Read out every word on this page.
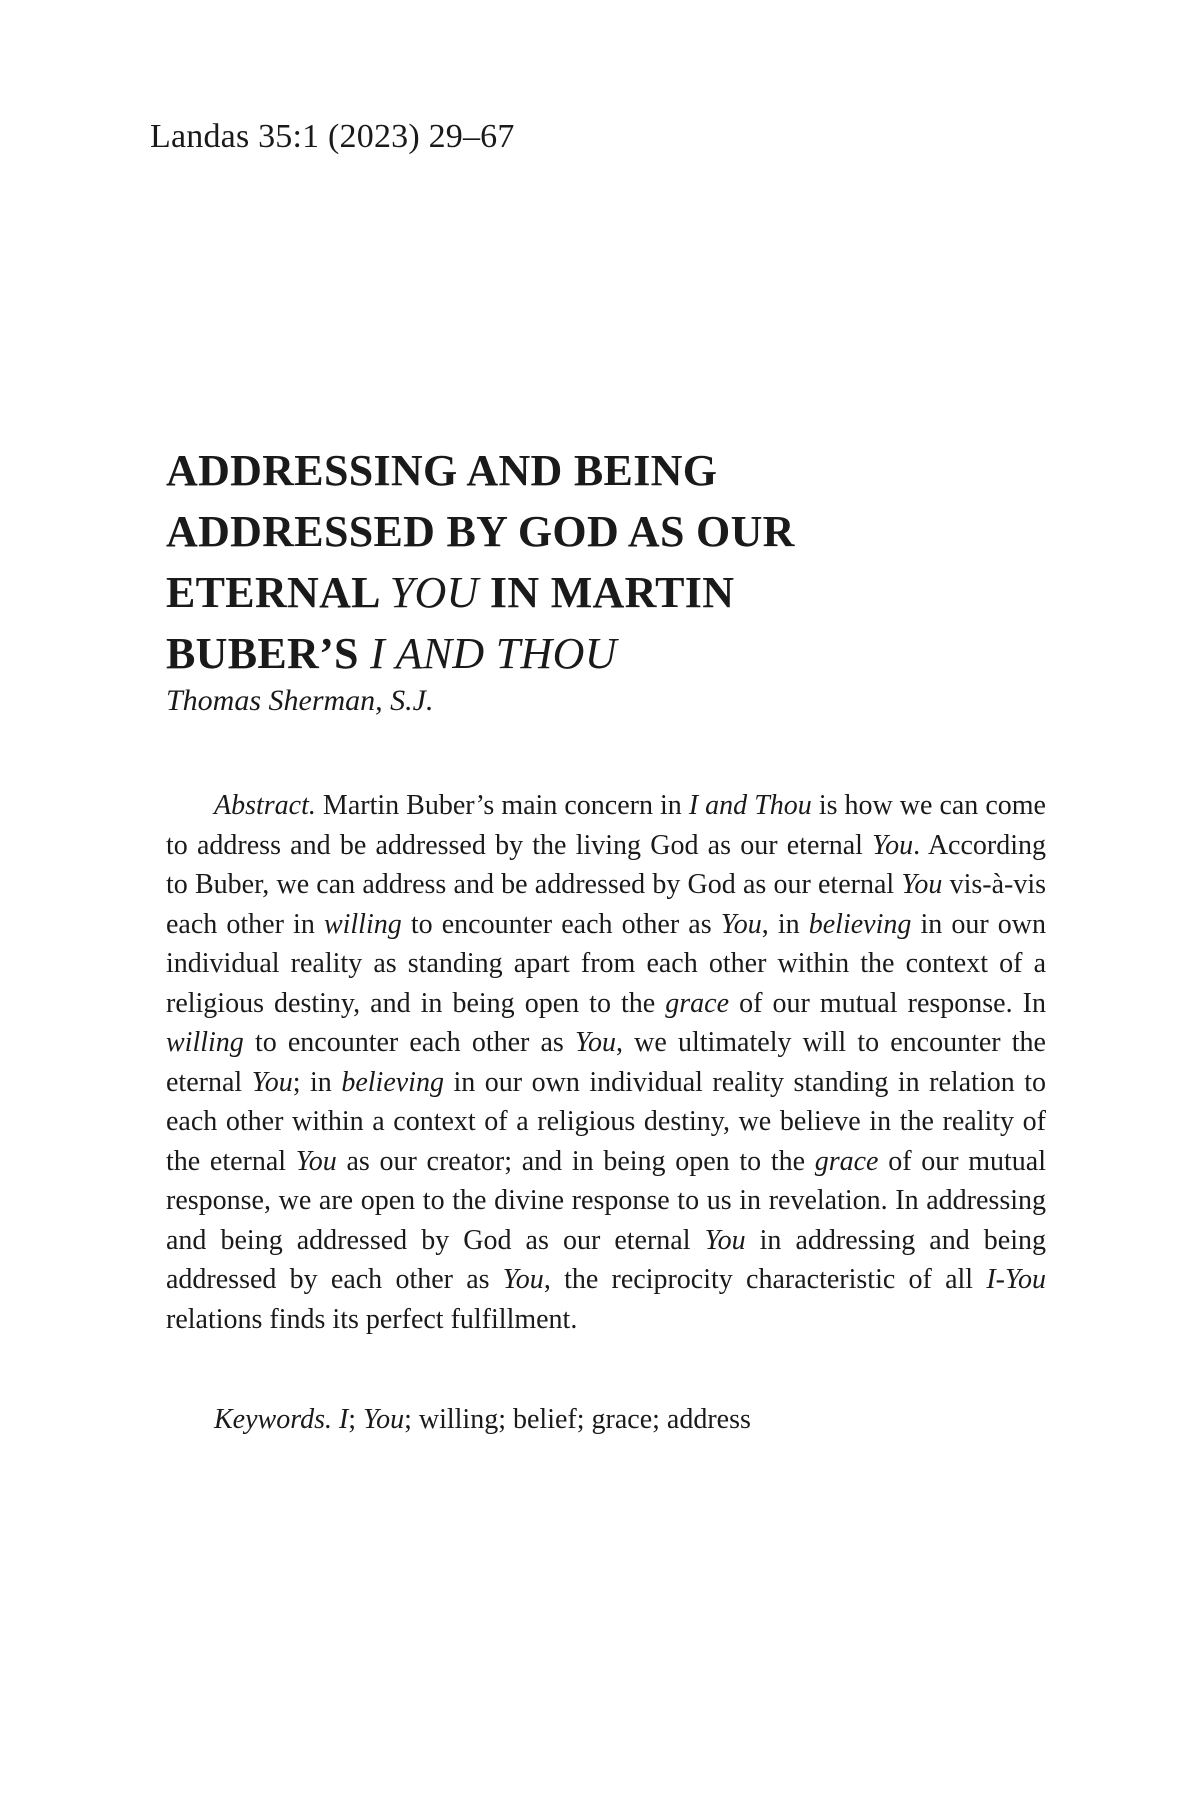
Landas 35:1 (2023) 29–67
ADDRESSING AND BEING
ADDRESSED BY GOD AS OUR
ETERNAL YOU IN MARTIN
BUBER’S I AND THOU
Thomas Sherman, S.J.

Abstract. Martin Buber’s main concern in I and Thou is how we can come to address and be addressed by the living God as our eternal You. According to Buber, we can address and be addressed by God as our eternal You vis-à-vis each other in willing to encounter each other as You, in believing in our own individual reality as standing apart from each other within the context of a religious destiny, and in being open to the grace of our mutual response. In willing to encounter each other as You, we ultimately will to encounter the eternal You; in believing in our own individual reality standing in relation to each other within a context of a religious destiny, we believe in the reality of the eternal You as our creator; and in being open to the grace of our mutual response, we are open to the divine response to us in revelation. In addressing and being addressed by God as our eternal You in addressing and being addressed by each other as You, the reciprocity characteristic of all I-You relations finds its perfect fulfillment.

Keywords. I; You; willing; belief; grace; address
